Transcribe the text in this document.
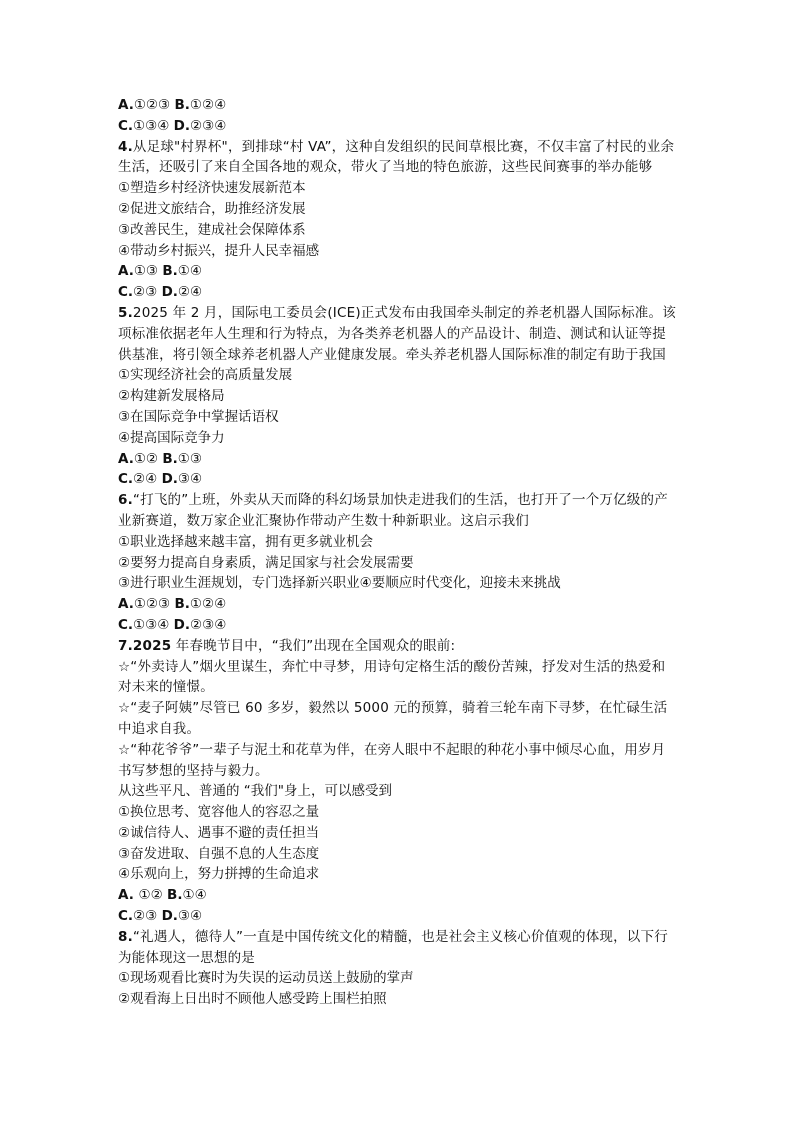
A.①②③ B.①②④
C.①③④ D.②③④
4.从足球"村界杯"，到排球“村 VA”，这种自发组织的民间草根比赛，不仅丰富了村民的业余生活，还吸引了来自全国各地的观众，带火了当地的特色旅游，这些民间赛事的举办能够
①塑造乡村经济快速发展新范本
②促进文旅结合，助推经济发展
③改善民生，建成社会保障体系
④带动乡村振兴，提升人民幸福感
A.①③ B.①④
C.②③ D.②④
5.2025 年 2 月，国际电工委员会(ICE)正式发布由我国牵头制定的养老机器人国际标准。该项标准依据老年人生理和行为特点，为各类养老机器人的产品设计、制造、测试和认证等提供基准，将引领全球养老机器人产业健康发展。牵头养老机器人国际标准的制定有助于我国
①实现经济社会的高质量发展
②构建新发展格局
③在国际竞争中掌握话语权
④提高国际竞争力
A.①② B.①③
C.②④ D.③④
6.“打飞的”上班，外卖从天而降的科幻场景加快走进我们的生活，也打开了一个万亿级的产业新赛道，数万家企业汇聚协作带动产生数十种新职业。这启示我们
①职业选择越来越丰富，拥有更多就业机会
②要努力提高自身素质，满足国家与社会发展需要
③进行职业生涯规划，专门选择新兴职业④要顺应时代变化，迎接未来挑战
A.①②③ B.①②④
C.①③④ D.②③④
7.2025 年春晚节目中，“我们”出现在全国观众的眼前:
☆“外卖诗人”烟火里谋生，奔忙中寻梦，用诗句定格生活的酸份苦辣，抒发对生活的热爱和对未来的憧憬。
☆“麦子阿姨”尽管已 60 多岁，毅然以 5000 元的预算，骑着三轮车南下寻梦，在忙碌生活中追求自我。
☆“种花爷爷”一辈子与泥土和花草为伴，在旁人眼中不起眼的种花小事中倾尽心血，用岁月书写梦想的坚持与毅力。
从这些平凡、普通的 “我们"身上，可以感受到
①换位思考、宽容他人的容忍之量
②诚信待人、遇事不避的责任担当
③奋发进取、自强不息的人生态度
④乐观向上，努力拼搏的生命追求
A. ①② B.①④
C.②③ D.③④
8.“礼遇人，德待人”一直是中国传统文化的精髓，也是社会主义核心价值观的体现，以下行为能体现这一思想的是
①现场观看比赛时为失误的运动员送上鼓励的掌声
②观看海上日出时不顾他人感受跨上围栏拍照
